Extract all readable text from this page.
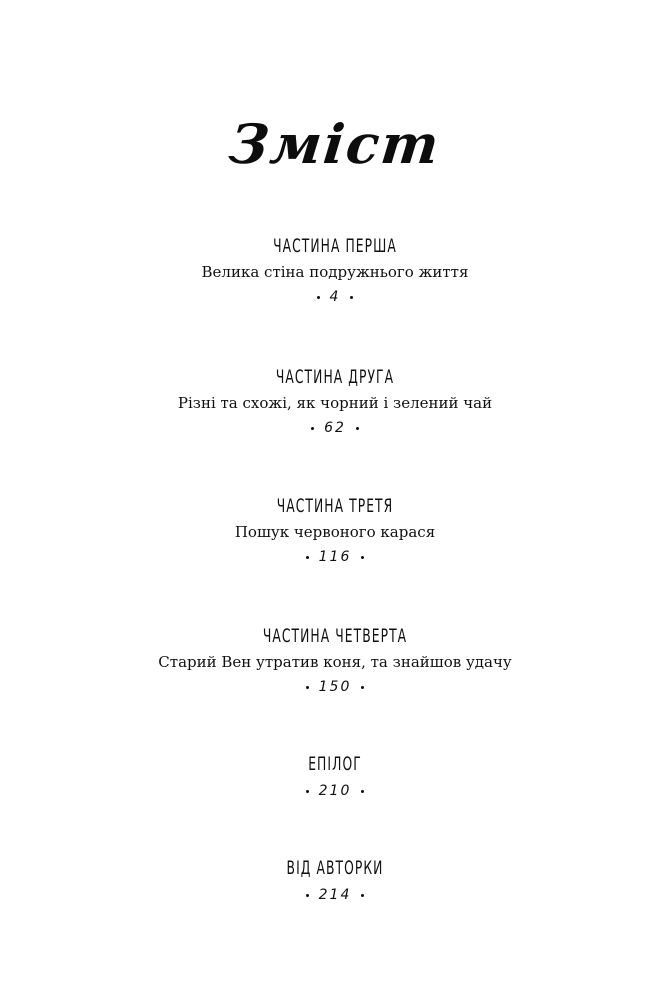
Зміст
ЧАСТИНА ПЕРША
Велика стіна подружнього життя
4
ЧАСТИНА ДРУГА
Різні та схожі, як чорний і зелений чай
62
ЧАСТИНА ТРЕТЯ
Пошук червоного карася
116
ЧАСТИНА ЧЕТВЕРТА
Старий Вен утратив коня, та знайшов удачу
150
ЕПІЛОГ
210
ВІД АВТОРКИ
214
